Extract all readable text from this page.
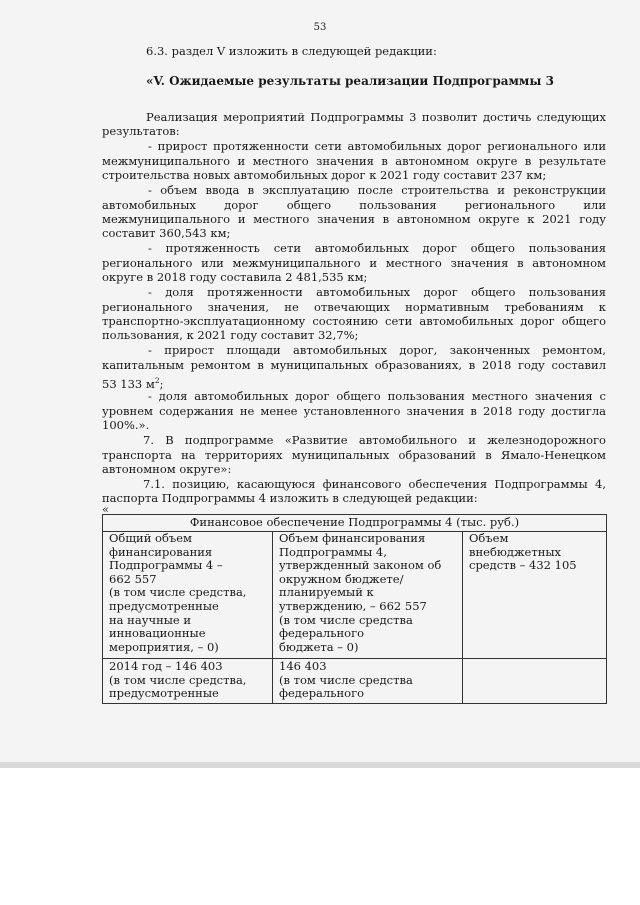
53
6.3. раздел V изложить в следующей редакции:
«V. Ожидаемые результаты реализации Подпрограммы 3
Реализация мероприятий Подпрограммы 3 позволит достичь следующих
результатов:
- прирост протяженности сети автомобильных дорог регионального или
межмуниципального и местного значения в автономном округе в результате
строительства новых автомобильных дорог к 2021 году составит 237 км;
- объем ввода в эксплуатацию после строительства и реконструкции
автомобильных дорог общего пользования регионального или
межмуниципального и местного значения в автономном округе к 2021 году
составит 360,543 км;
- протяженность сети автомобильных дорог общего пользования
регионального или межмуниципального и местного значения в автономном
округе в 2018 году составила 2 481,535 км;
- доля протяженности автомобильных дорог общего пользования
регионального значения, не отвечающих нормативным требованиям к
транспортно-эксплуатационному состоянию сети автомобильных дорог общего
пользования, к 2021 году составит 32,7%;
- прирост площади автомобильных дорог, законченных ремонтом,
капитальным ремонтом в муниципальных образованиях, в 2018 году составил
53 133 $м^2$;
- доля автомобильных дорог общего пользования местного значения с
уровнем содержания не менее установленного значения в 2018 году достигла
100%.».
7. В подпрограмме «Развитие автомобильного и железнодорожного
транспорта на территориях муниципальных образований в Ямало-Ненецком
автономном округе»:
7.1. позицию, касающуюся финансового обеспечения Подпрограммы 4,
паспорта Подпрограммы 4 изложить в следующей редакции:
«
Финансовое обеспечение Подпрограммы 4 (тыс. руб.)
Общий объем
финансирования
Подпрограммы 4 –
662 557
(в том числе средства,
предусмотренные
на научные и
инновационные
мероприятия, – 0)
Объем финансирования
Подпрограммы 4,
утвержденный законом об
окружном бюджете/
планируемый к
утверждению, – 662 557
(в том числе средства
федерального
бюджета – 0)
Объем
внебюджетных
средств – 432 105
2014 год – 146 403
(в том числе средства,
предусмотренные
146 403
(в том числе средства
федерального
